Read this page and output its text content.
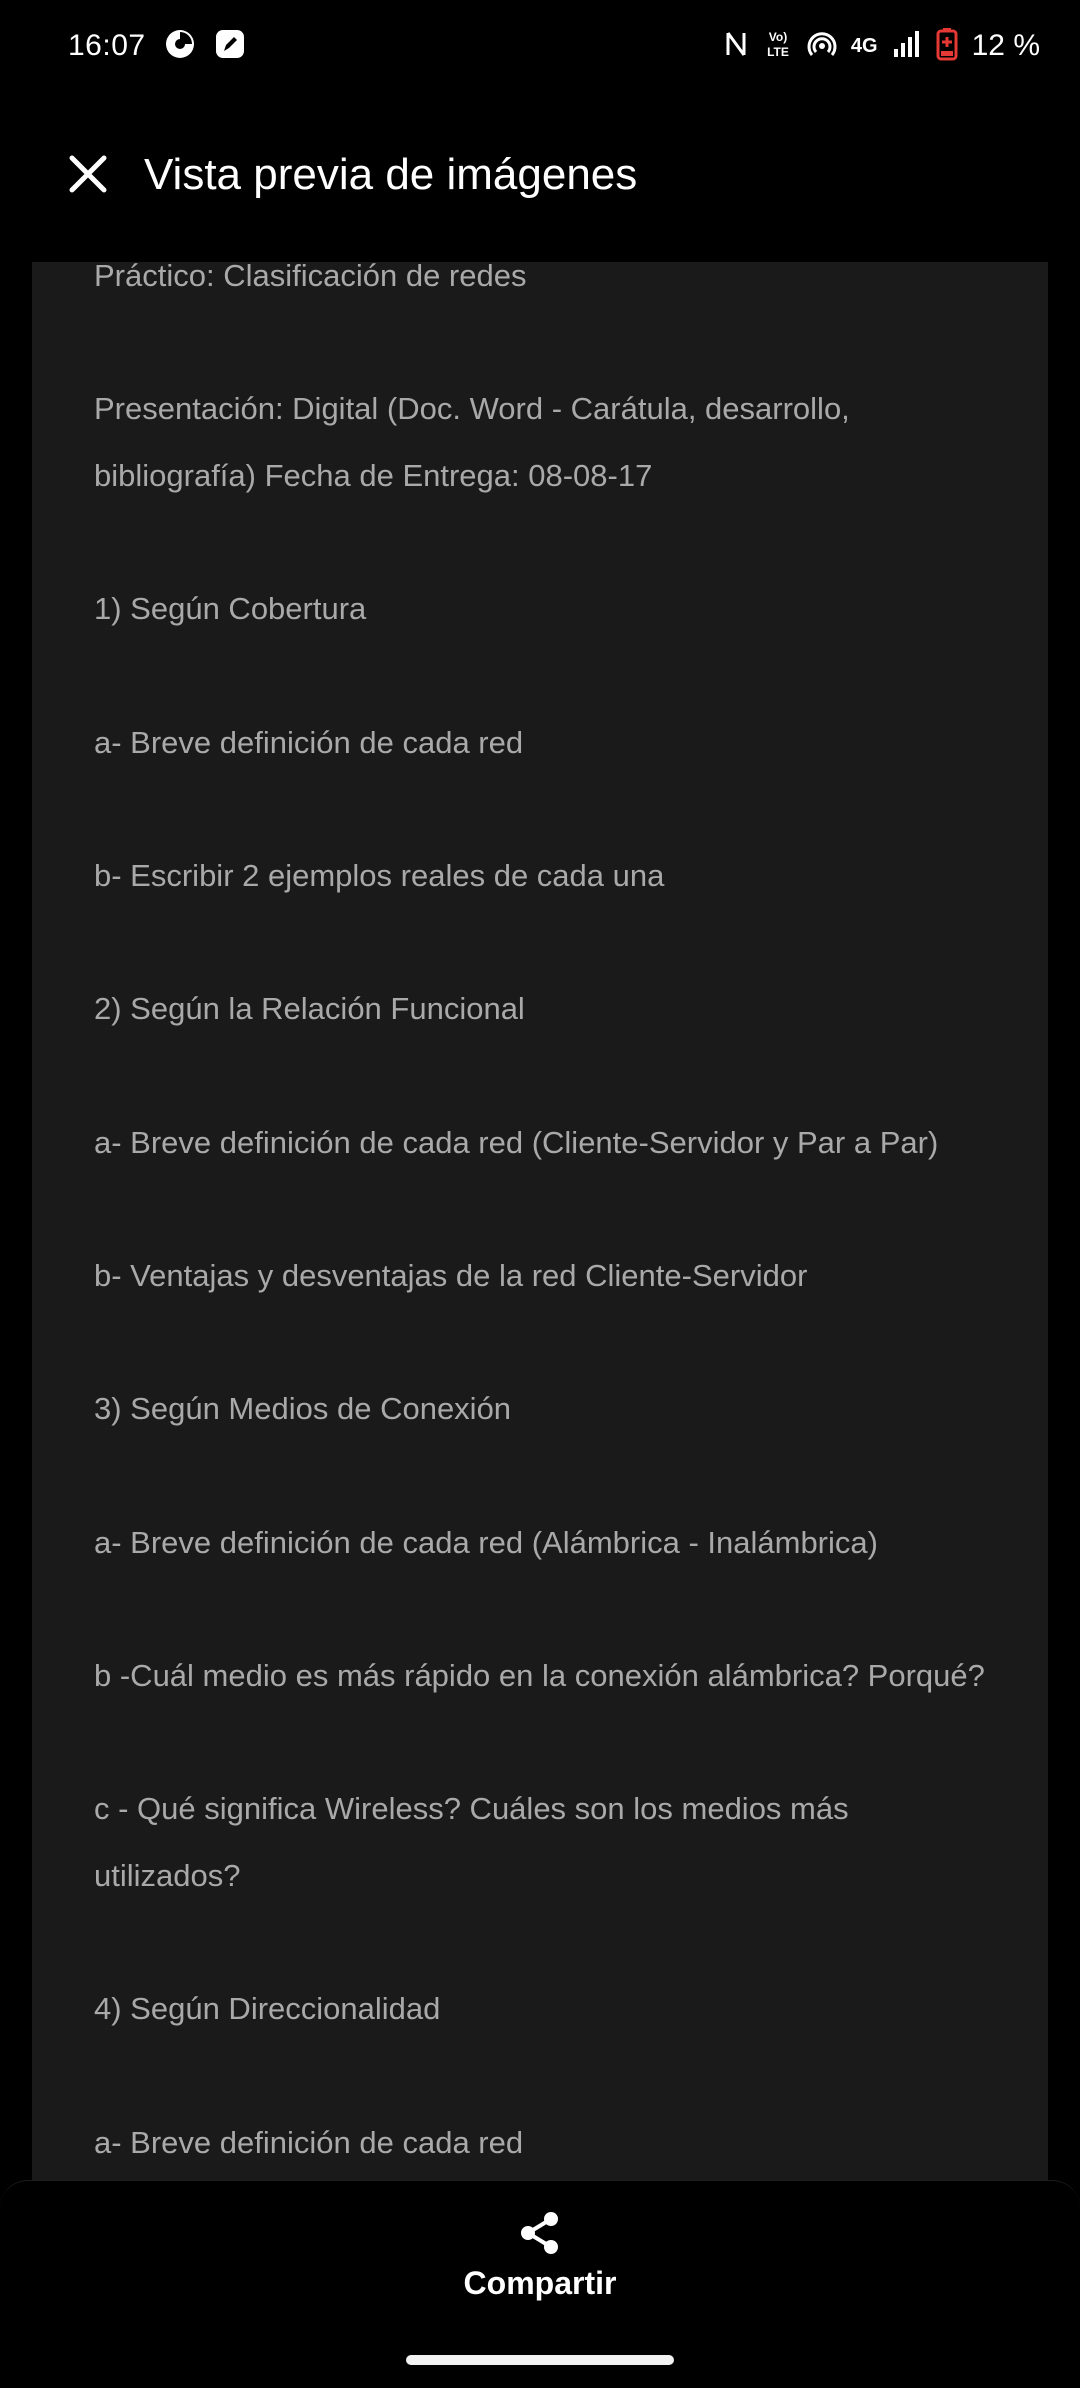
16:07	Vo)
LTE	4G	12 %
Vista previa de imágenes
Práctico: Clasificación de redes
Presentación: Digital (Doc. Word - Carátula, desarrollo,
bibliografía) Fecha de Entrega: 08-08-17
1) Según Cobertura
a- Breve definición de cada red
b- Escribir 2 ejemplos reales de cada una
2) Según la Relación Funcional
a- Breve definición de cada red (Cliente-Servidor y Par a Par)
b- Ventajas y desventajas de la red Cliente-Servidor
3) Según Medios de Conexión
a- Breve definición de cada red (Alámbrica - Inalámbrica)
b -Cuál medio es más rápido en la conexión alámbrica? Porqué?
c - Qué significa Wireless? Cuáles son los medios más
utilizados?
4) Según Direccionalidad
a- Breve definición de cada red
Compartir
